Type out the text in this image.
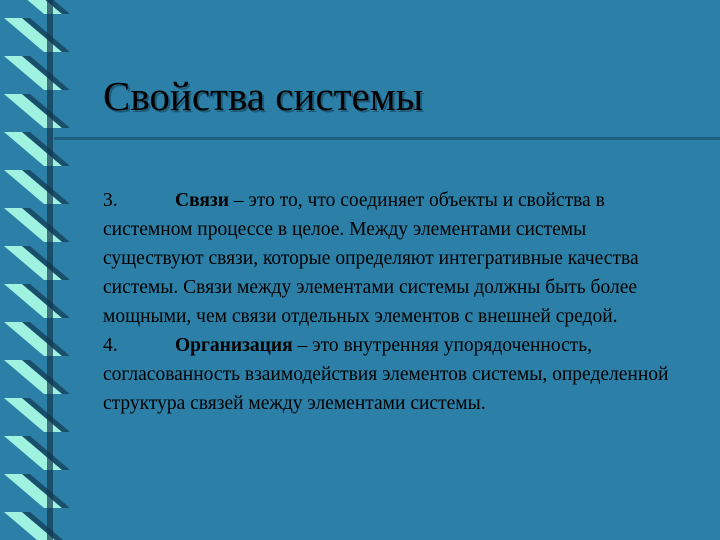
Свойства системы

3.	Связи – это то, что соединяет объекты и свойства в системном процессе в целое. Между элементами системы существуют связи, которые определяют интегративные качества системы. Связи между элементами системы должны быть более мощными, чем связи отдельных элементов с внешней средой.

4.	Организация – это внутренняя упорядоченность, согласованность взаимодействия элементов системы, определенной структура связей между элементами системы.
